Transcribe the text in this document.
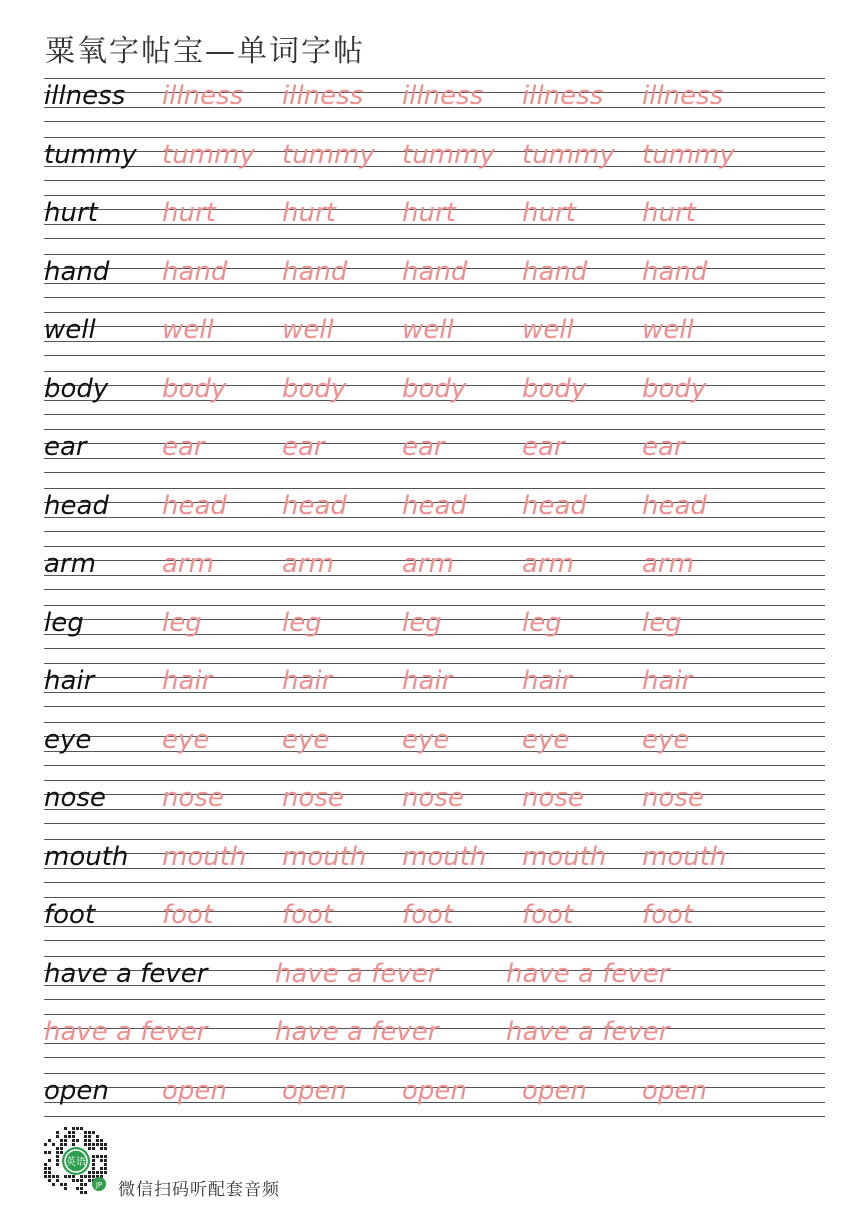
粟氧字帖宝—单词字帖
illness illness illness illness illness illness
tummy tummy tummy tummy tummy tummy
hurt hurt	hurt	hurt	hurt	hurt
hand hand hand hand hand hand
well	well	well	well	well	well
body body body body body body
ear	ear	ear	ear	ear	ear
head head head head head head
arm	arm	arm	arm	arm	arm
leg	leg	leg	leg	leg	leg
hair	hair	hair	hair	hair	hair
eye	eye	eye	eye	eye	eye
nose nose nose nose nose nose
mouth mouth mouth mouth mouth mouth
foot	foot	foot	foot	foot	foot
have a fever	have a fever	have a fever
have a fever	have a fever	have a fever
open open open open open open
英语
JP 微信扫码听配套音频
